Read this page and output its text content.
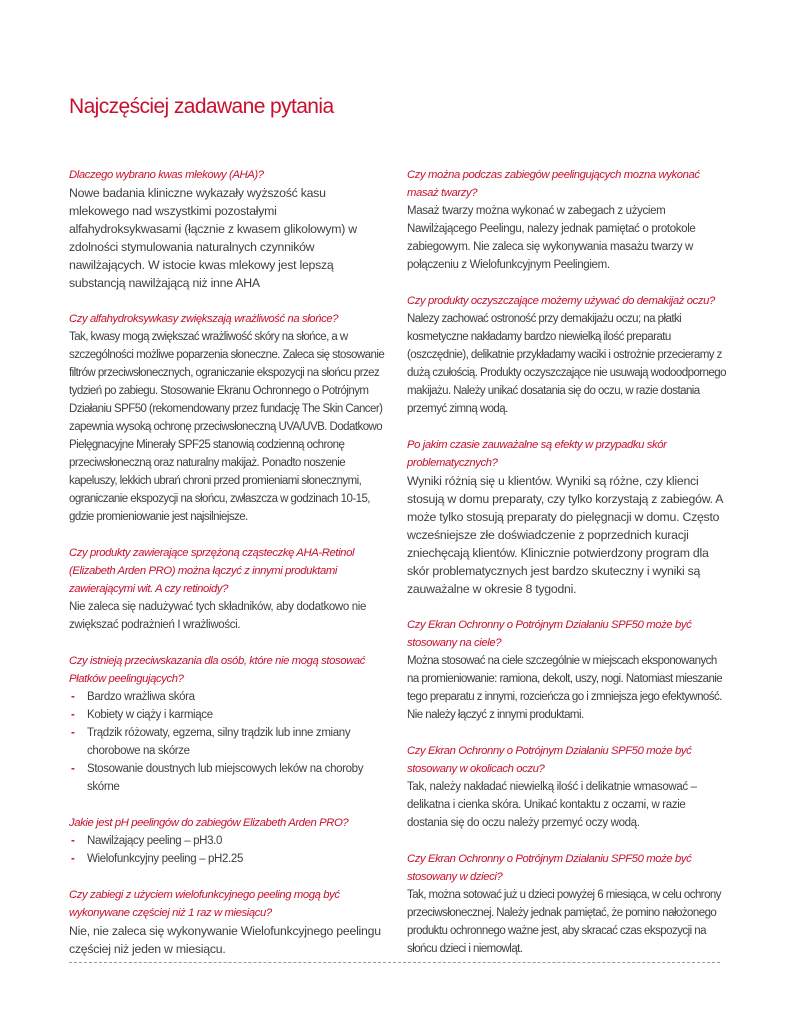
Najczęściej zadawane pytania
Dlaczego wybrano kwas mlekowy (AHA)?
Nowe badania kliniczne wykazały wyższość kasu mlekowego nad wszystkimi pozostałymi alfahydroksykwasami (łącznie z kwasem glikolowym) w zdolności stymulowania naturalnych czynników nawilżających. W istocie kwas mlekowy jest lepszą substancją nawilżającą niż inne AHA
Czy alfahydroksywkasy zwiększają wrażliwość na słońce?
Tak, kwasy mogą zwiększać wrażliwość skóry na słońce, a w szczególności możliwe poparzenia słoneczne. Zaleca się stosowanie filtrów przeciwsłonecznych, ograniczanie ekspozycji na słońcu przez tydzień po zabiegu. Stosowanie Ekranu Ochronnego o Potrójnym Działaniu SPF50 (rekomendowany przez fundację The Skin Cancer) zapewnia wysoką ochronę przeciwsłoneczną UVA/UVB. Dodatkowo Pielęgnacyjne Minerały SPF25 stanowią codzienną ochronę przeciwsłoneczną oraz naturalny makijaż. Ponadto noszenie kapeluszy, lekkich ubrań chroni przed promieniami słonecznymi, ograniczanie ekspozycji na słońcu, zwłaszcza w godzinach 10-15, gdzie promieniowanie jest najsilniejsze.
Czy produkty zawierające sprzężoną cząsteczkę AHA-Retinol (Elizabeth Arden PRO) można łączyć z innymi produktami zawierającymi wit. A czy retinoidy?
Nie zaleca się nadużywać tych składników, aby dodatkowo nie zwiększać podrażnień I wrażliwości.
Czy istnieją przeciwskazania dla osób, które nie mogą stosować Płatków peelingujących?
- Bardzo wrażliwa skóra
- Kobiety w ciąży i karmiące
- Trądzik różowaty, egzema, silny trądzik lub inne zmiany chorobowe na skórze
- Stosowanie doustnych lub miejscowych leków na choroby skórne
Jakie jest pH peelingów do zabiegów Elizabeth Arden PRO?
- Nawilżający peeling – pH3.0
- Wielofunkcyjny peeling – pH2.25
Czy zabiegi z użyciem wielofunkcyjnego peeling mogą być wykonywane częściej niż 1 raz w miesiącu?
Nie, nie zaleca się wykonywanie Wielofunkcyjnego peelingu częściej niż jeden w miesiącu.
Czy można podczas zabiegów peelingujących mozna wykonać masaż twarzy?
Masaż twarzy można wykonać w zabegach z użyciem Nawilżającego Peelingu, nalezy jednak pamiętać o protokole zabiegowym. Nie zaleca się wykonywania masażu twarzy w połączeniu z Wielofunkcyjnym Peelingiem.
Czy produkty oczyszczające możemy używać do demakijaż oczu?
Nalezy zachować ostroność przy demakijażu oczu; na płatki kosmetyczne nakładamy bardzo niewielką ilość preparatu (oszczędnie), delikatnie przykładamy waciki i ostrożnie przecieramy z dużą czułością. Produkty oczyszczające nie usuwają wodoodpornego makijażu. Należy unikać dosatania się do oczu, w razie dostania przemyć zimną wodą.
Po jakim czasie zauważalne są efekty w przypadku skór problematycznych?
Wyniki różnią się u klientów. Wyniki są różne, czy klienci stosują w domu preparaty, czy tylko korzystają z zabiegów. A może tylko stosują preparaty do pielęgnacji w domu. Często wcześniejsze złe doświadczenie z poprzednich kuracji zniechęcają klientów. Klinicznie potwierdzony program dla skór problematycznych jest bardzo skuteczny i wyniki są zauważalne w okresie 8 tygodni.
Czy Ekran Ochronny o Potrójnym Działaniu SPF50 może być stosowany na ciele?
Można stosować na ciele szczególnie w miejscach eksponowanych na promieniowanie: ramiona, dekolt, uszy, nogi. Natomiast mieszanie tego preparatu z innymi, rozcieńcza go i zmniejsza jego efektywność. Nie należy łączyć z innymi produktami.
Czy Ekran Ochronny o Potrójnym Działaniu SPF50 może być stosowany w okolicach oczu?
Tak, należy nakładać niewielką ilość i delikatnie wmasować – delikatna i cienka skóra. Unikać kontaktu z oczami, w razie dostania się do oczu należy przemyć oczy wodą.
Czy Ekran Ochronny o Potrójnym Działaniu SPF50 może być stosowany w dzieci?
Tak, można sotować już u dzieci powyżej 6 miesiąca, w celu ochrony przeciwsłonecznej. Należy jednak pamiętać, że pomino nałożonego produktu ochronnego ważne jest, aby skracać czas ekspozycji na słońcu dzieci i niemowląt.
